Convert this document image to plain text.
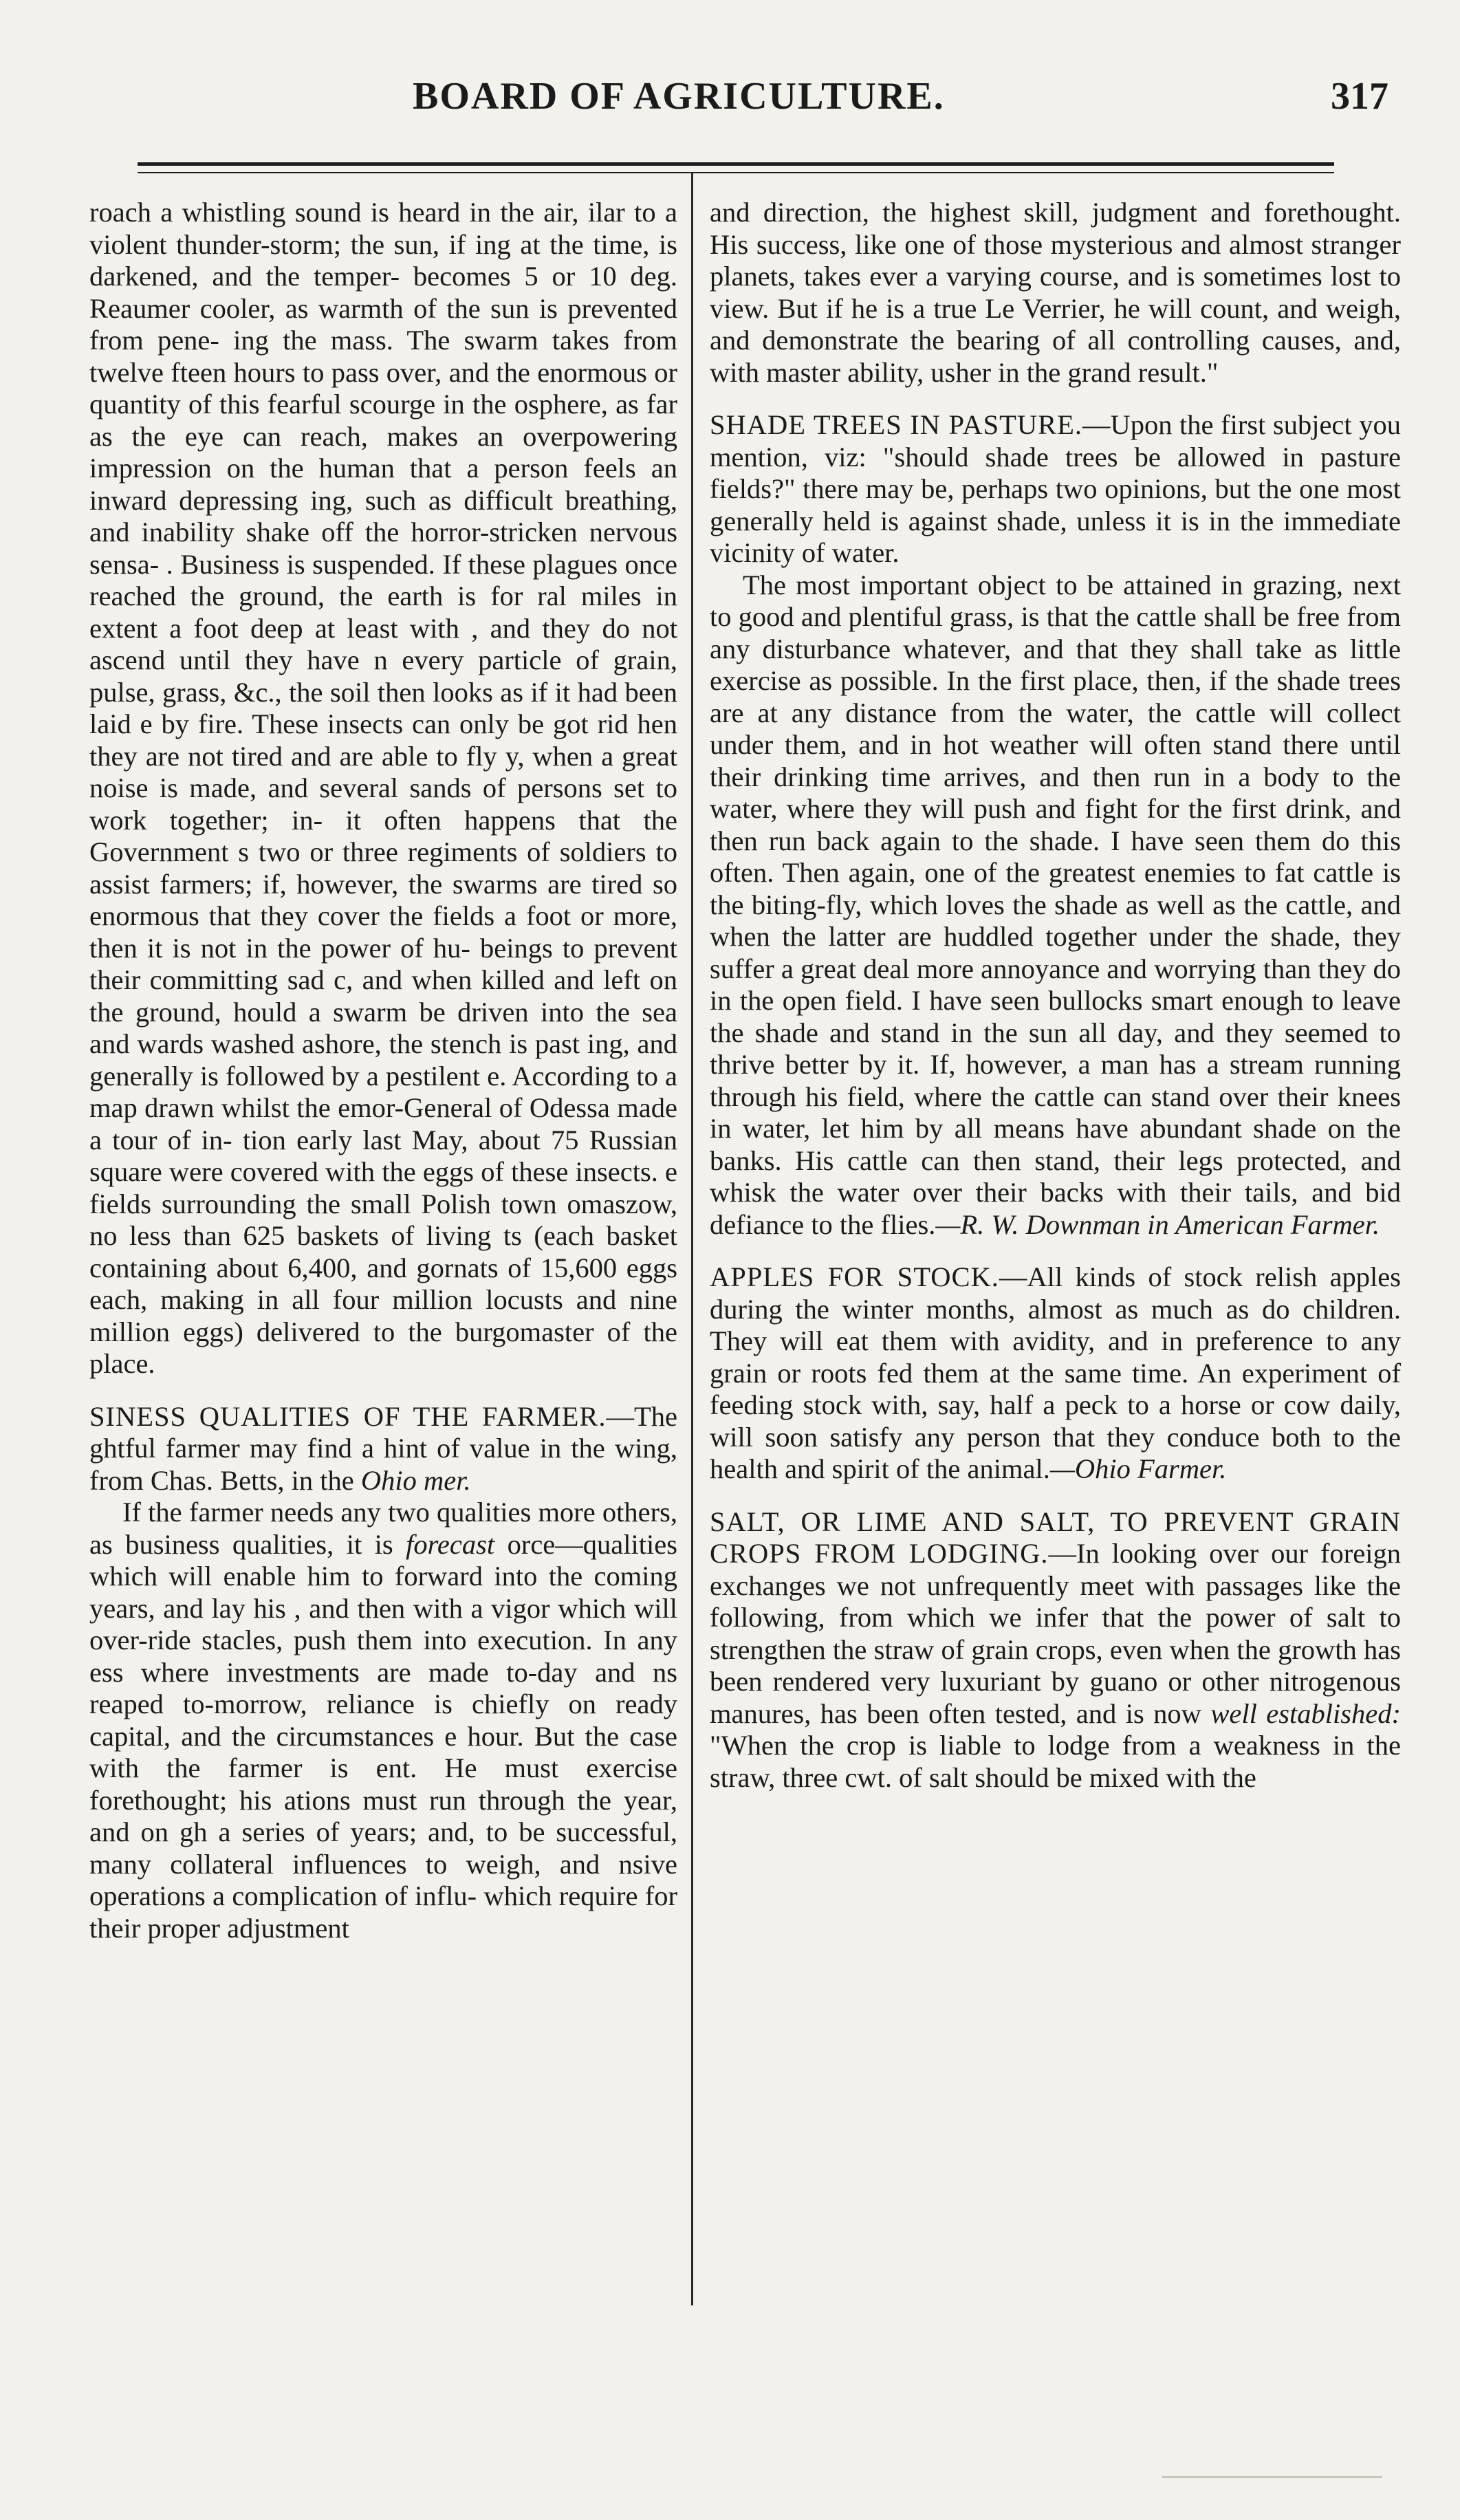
BOARD OF AGRICULTURE.	317

roach a whistling sound is heard in the air, ilar to a violent thunder-storm; the sun, if ing at the time, is darkened, and the temper- becomes 5 or 10 deg. Reaumer cooler, as warmth of the sun is prevented from pene- ing the mass. The swarm takes from twelve fteen hours to pass over, and the enormous or quantity of this fearful scourge in the osphere, as far as the eye can reach, makes an overpowering impression on the human that a person feels an inward depressing ing, such as difficult breathing, and inability shake off the horror-stricken nervous sensa- . Business is suspended. If these plagues once reached the ground, the earth is for ral miles in extent a foot deep at least with , and they do not ascend until they have n every particle of grain, pulse, grass, &c., the soil then looks as if it had been laid e by fire. These insects can only be got rid hen they are not tired and are able to fly y, when a great noise is made, and several sands of persons set to work together; in- it often happens that the Government s two or three regiments of soldiers to assist farmers; if, however, the swarms are tired so enormous that they cover the fields a foot or more, then it is not in the power of hu- beings to prevent their committing sad c, and when killed and left on the ground, hould a swarm be driven into the sea and wards washed ashore, the stench is past ing, and generally is followed by a pestilent e. According to a map drawn whilst the emor-General of Odessa made a tour of in- tion early last May, about 75 Russian square were covered with the eggs of these insects. e fields surrounding the small Polish town omaszow, no less than 625 baskets of living ts (each basket containing about 6,400, and gornats of 15,600 eggs each, making in all four million locusts and nine million eggs) delivered to the burgomaster of the place.

SINESS QUALITIES OF THE FARMER.—The ghtful farmer may find a hint of value in the wing, from Chas. Betts, in the Ohio mer.

If the farmer needs any two qualities more others, as business qualities, it is forecast orce—qualities which will enable him to forward into the coming years, and lay his , and then with a vigor which will over-ride stacles, push them into execution. In any ess where investments are made to-day and ns reaped to-morrow, reliance is chiefly on ready capital, and the circumstances e hour. But the case with the farmer is ent. He must exercise forethought; his ations must run through the year, and on gh a series of years; and, to be successful, many collateral influences to weigh, and nsive operations a complication of influ- which require for their proper adjustment

and direction, the highest skill, judgment and forethought. His success, like one of those mysterious and almost stranger planets, takes ever a varying course, and is sometimes lost to view. But if he is a true Le Verrier, he will count, and weigh, and demonstrate the bearing of all controlling causes, and, with master ability, usher in the grand result."

SHADE TREES IN PASTURE.—Upon the first subject you mention, viz: "should shade trees be allowed in pasture fields?" there may be, perhaps two opinions, but the one most generally held is against shade, unless it is in the immediate vicinity of water.

The most important object to be attained in grazing, next to good and plentiful grass, is that the cattle shall be free from any disturbance whatever, and that they shall take as little exercise as possible. In the first place, then, if the shade trees are at any distance from the water, the cattle will collect under them, and in hot weather will often stand there until their drinking time arrives, and then run in a body to the water, where they will push and fight for the first drink, and then run back again to the shade. I have seen them do this often. Then again, one of the greatest enemies to fat cattle is the biting-fly, which loves the shade as well as the cattle, and when the latter are huddled together under the shade, they suffer a great deal more annoyance and worrying than they do in the open field. I have seen bullocks smart enough to leave the shade and stand in the sun all day, and they seemed to thrive better by it. If, however, a man has a stream running through his field, where the cattle can stand over their knees in water, let him by all means have abundant shade on the banks. His cattle can then stand, their legs protected, and whisk the water over their backs with their tails, and bid defiance to the flies.—R. W. Downman in American Farmer.

APPLES FOR STOCK.—All kinds of stock relish apples during the winter months, almost as much as do children. They will eat them with avidity, and in preference to any grain or roots fed them at the same time. An experiment of feeding stock with, say, half a peck to a horse or cow daily, will soon satisfy any person that they conduce both to the health and spirit of the animal.—Ohio Farmer.

SALT, OR LIME AND SALT, TO PREVENT GRAIN CROPS FROM LODGING.—In looking over our foreign exchanges we not unfrequently meet with passages like the following, from which we infer that the power of salt to strengthen the straw of grain crops, even when the growth has been rendered very luxuriant by guano or other nitrogenous manures, has been often tested, and is now well established: "When the crop is liable to lodge from a weakness in the straw, three cwt. of salt should be mixed with the
